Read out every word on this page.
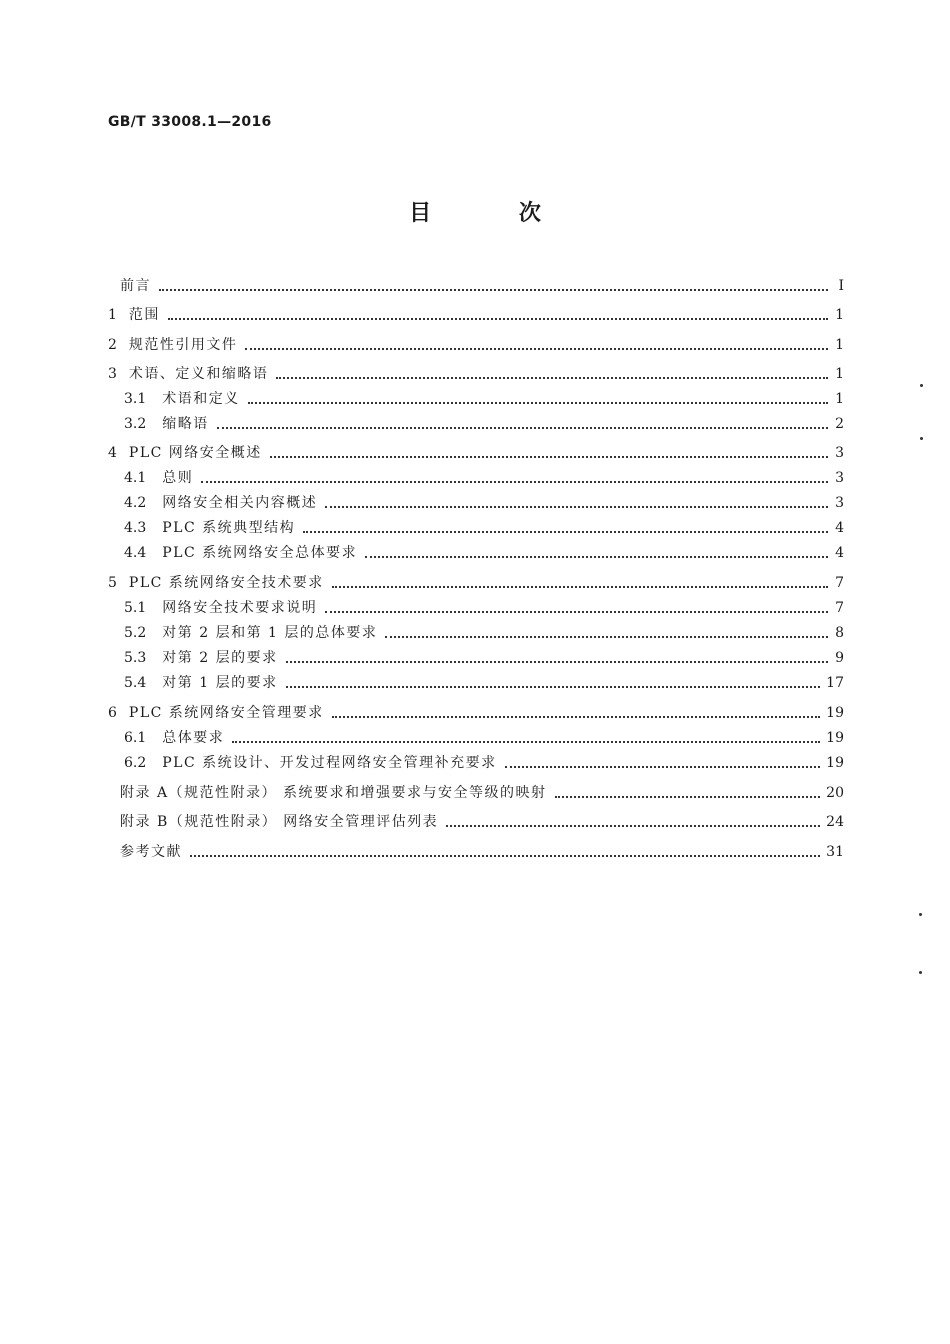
GB/T 33008.1—2016
目 次
前言	Ⅰ
1 范围	1
2 规范性引用文件	1
3 术语、定义和缩略语	1
3.1 术语和定义	1
3.2 缩略语	2
4 PLC 网络安全概述	3
4.1 总则	3
4.2 网络安全相关内容概述	3
4.3 PLC 系统典型结构	4
4.4 PLC 系统网络安全总体要求	4
5 PLC 系统网络安全技术要求	7
5.1 网络安全技术要求说明	7
5.2 对第 2 层和第 1 层的总体要求	8
5.3 对第 2 层的要求	9
5.4 对第 1 层的要求	17
6 PLC 系统网络安全管理要求	19
6.1 总体要求	19
6.2 PLC 系统设计、开发过程网络安全管理补充要求	19
附录 A（规范性附录） 系统要求和增强要求与安全等级的映射	20
附录 B（规范性附录） 网络安全管理评估列表	24
参考文献	31
